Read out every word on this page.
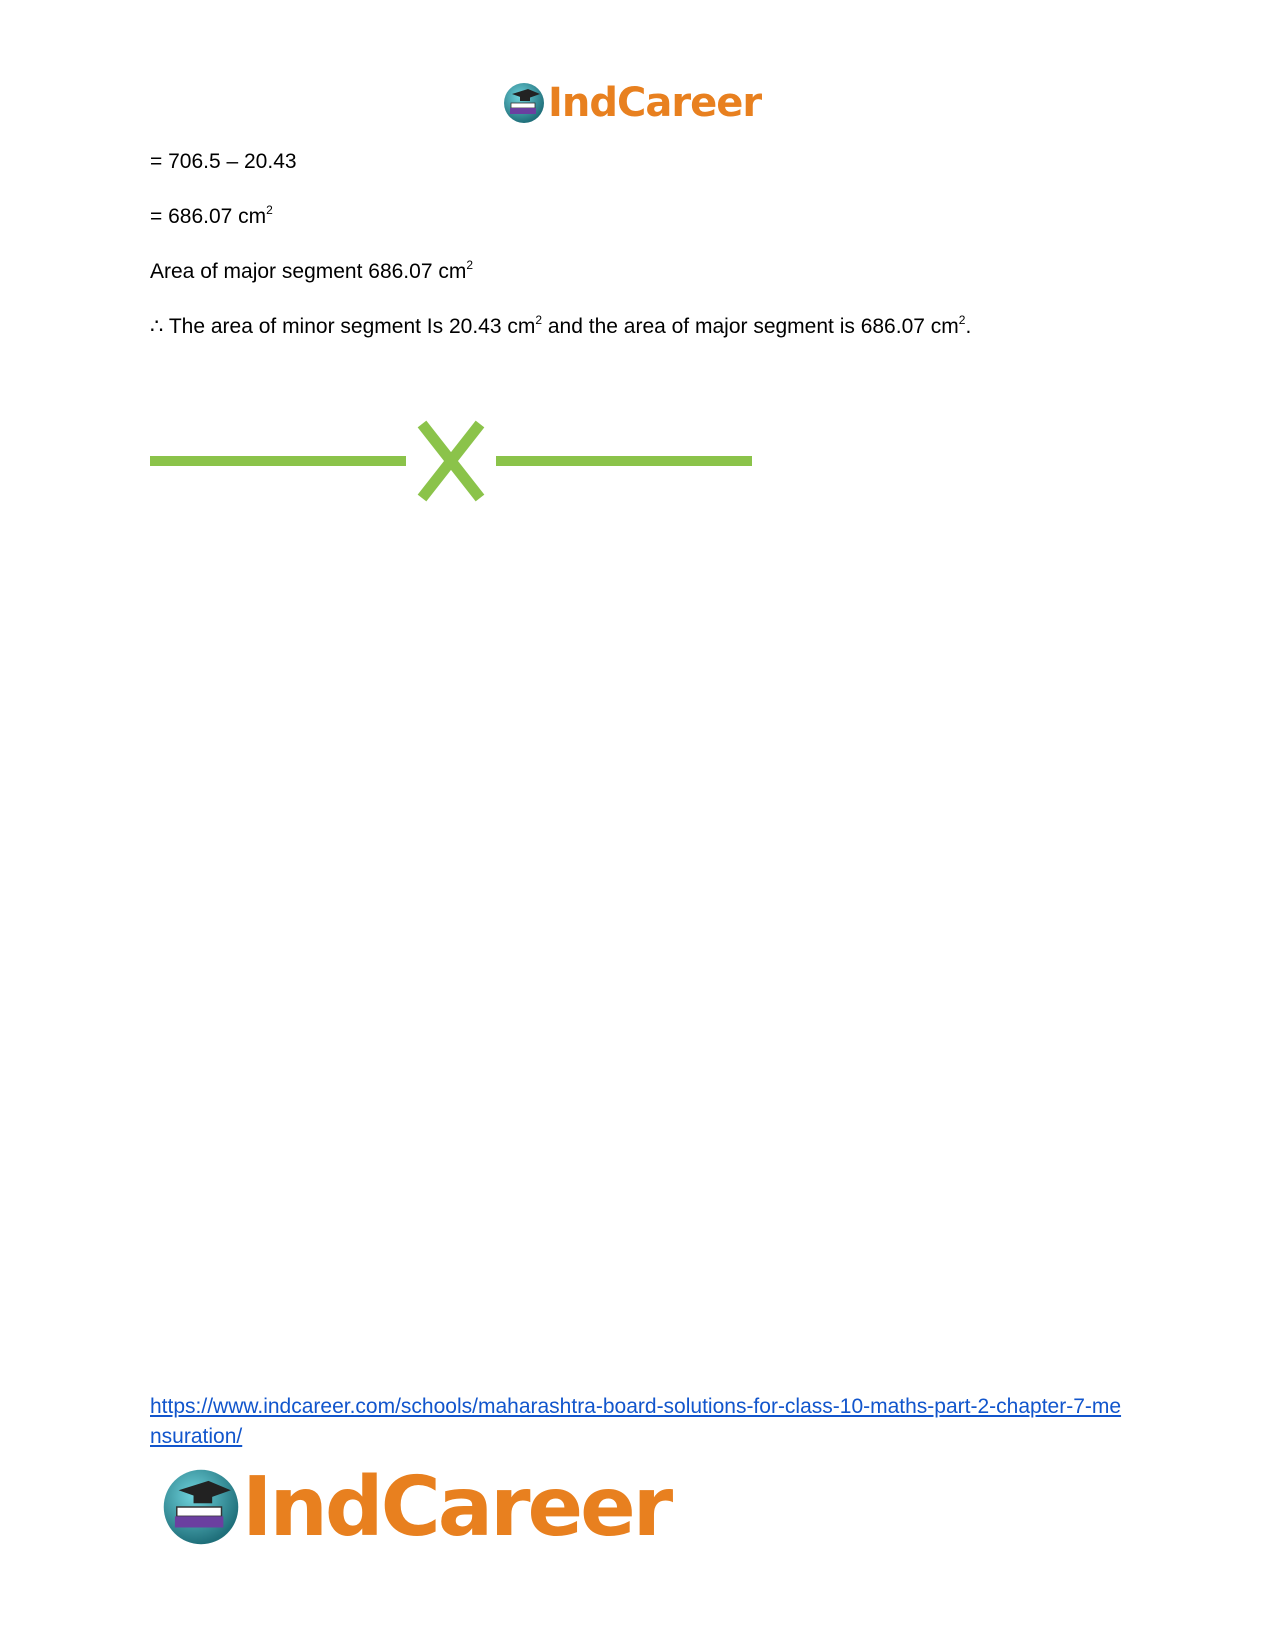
IndCareer
= 706.5 – 20.43
= 686.07 $cm^2$
Area of major segment 686.07 $cm^2$
∴ The area of minor segment Is 20.43 $cm^2$ and the area of major segment is 686.07 $cm^2$.
https://www.indcareer.com/schools/maharashtra-board-solutions-for-class-10-maths-part-2-chapter-7-mensuration/
IndCareer
